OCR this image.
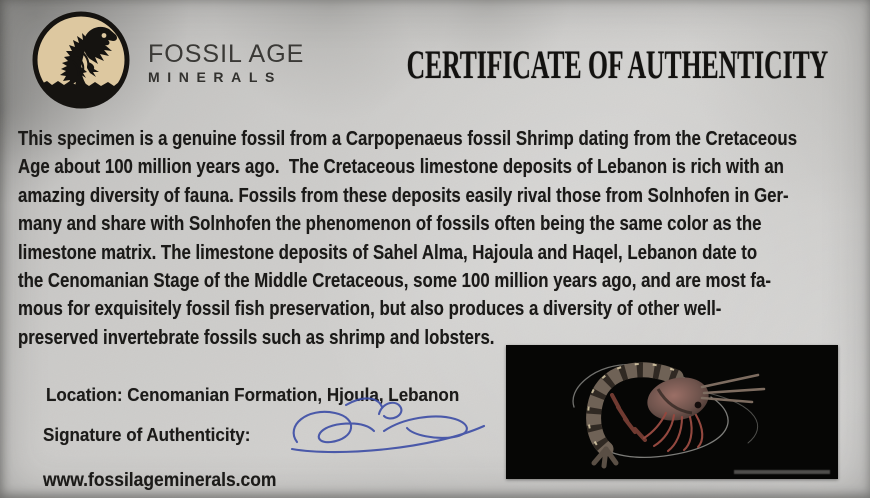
FOSSIL AGE
MINERALS	CERTIFICATE OF AUTHENTICITY
This specimen is a genuine fossil from a Carpopenaeus fossil Shrimp dating from the Cretaceous
Age about 100 million years ago.  The Cretaceous limestone deposits of Lebanon is rich with an
amazing diversity of fauna. Fossils from these deposits easily rival those from Solnhofen in Ger-
many and share with Solnhofen the phenomenon of fossils often being the same color as the
limestone matrix. The limestone deposits of Sahel Alma, Hajoula and Haqel, Lebanon date to
the Cenomanian Stage of the Middle Cretaceous, some 100 million years ago, and are most fa-
mous for exquisitely fossil fish preservation, but also produces a diversity of other well-
preserved invertebrate fossils such as shrimp and lobsters.

Location: Cenomanian Formation, Hjoula, Lebanon

Signature of Authenticity:

www.fossilageminerals.com
